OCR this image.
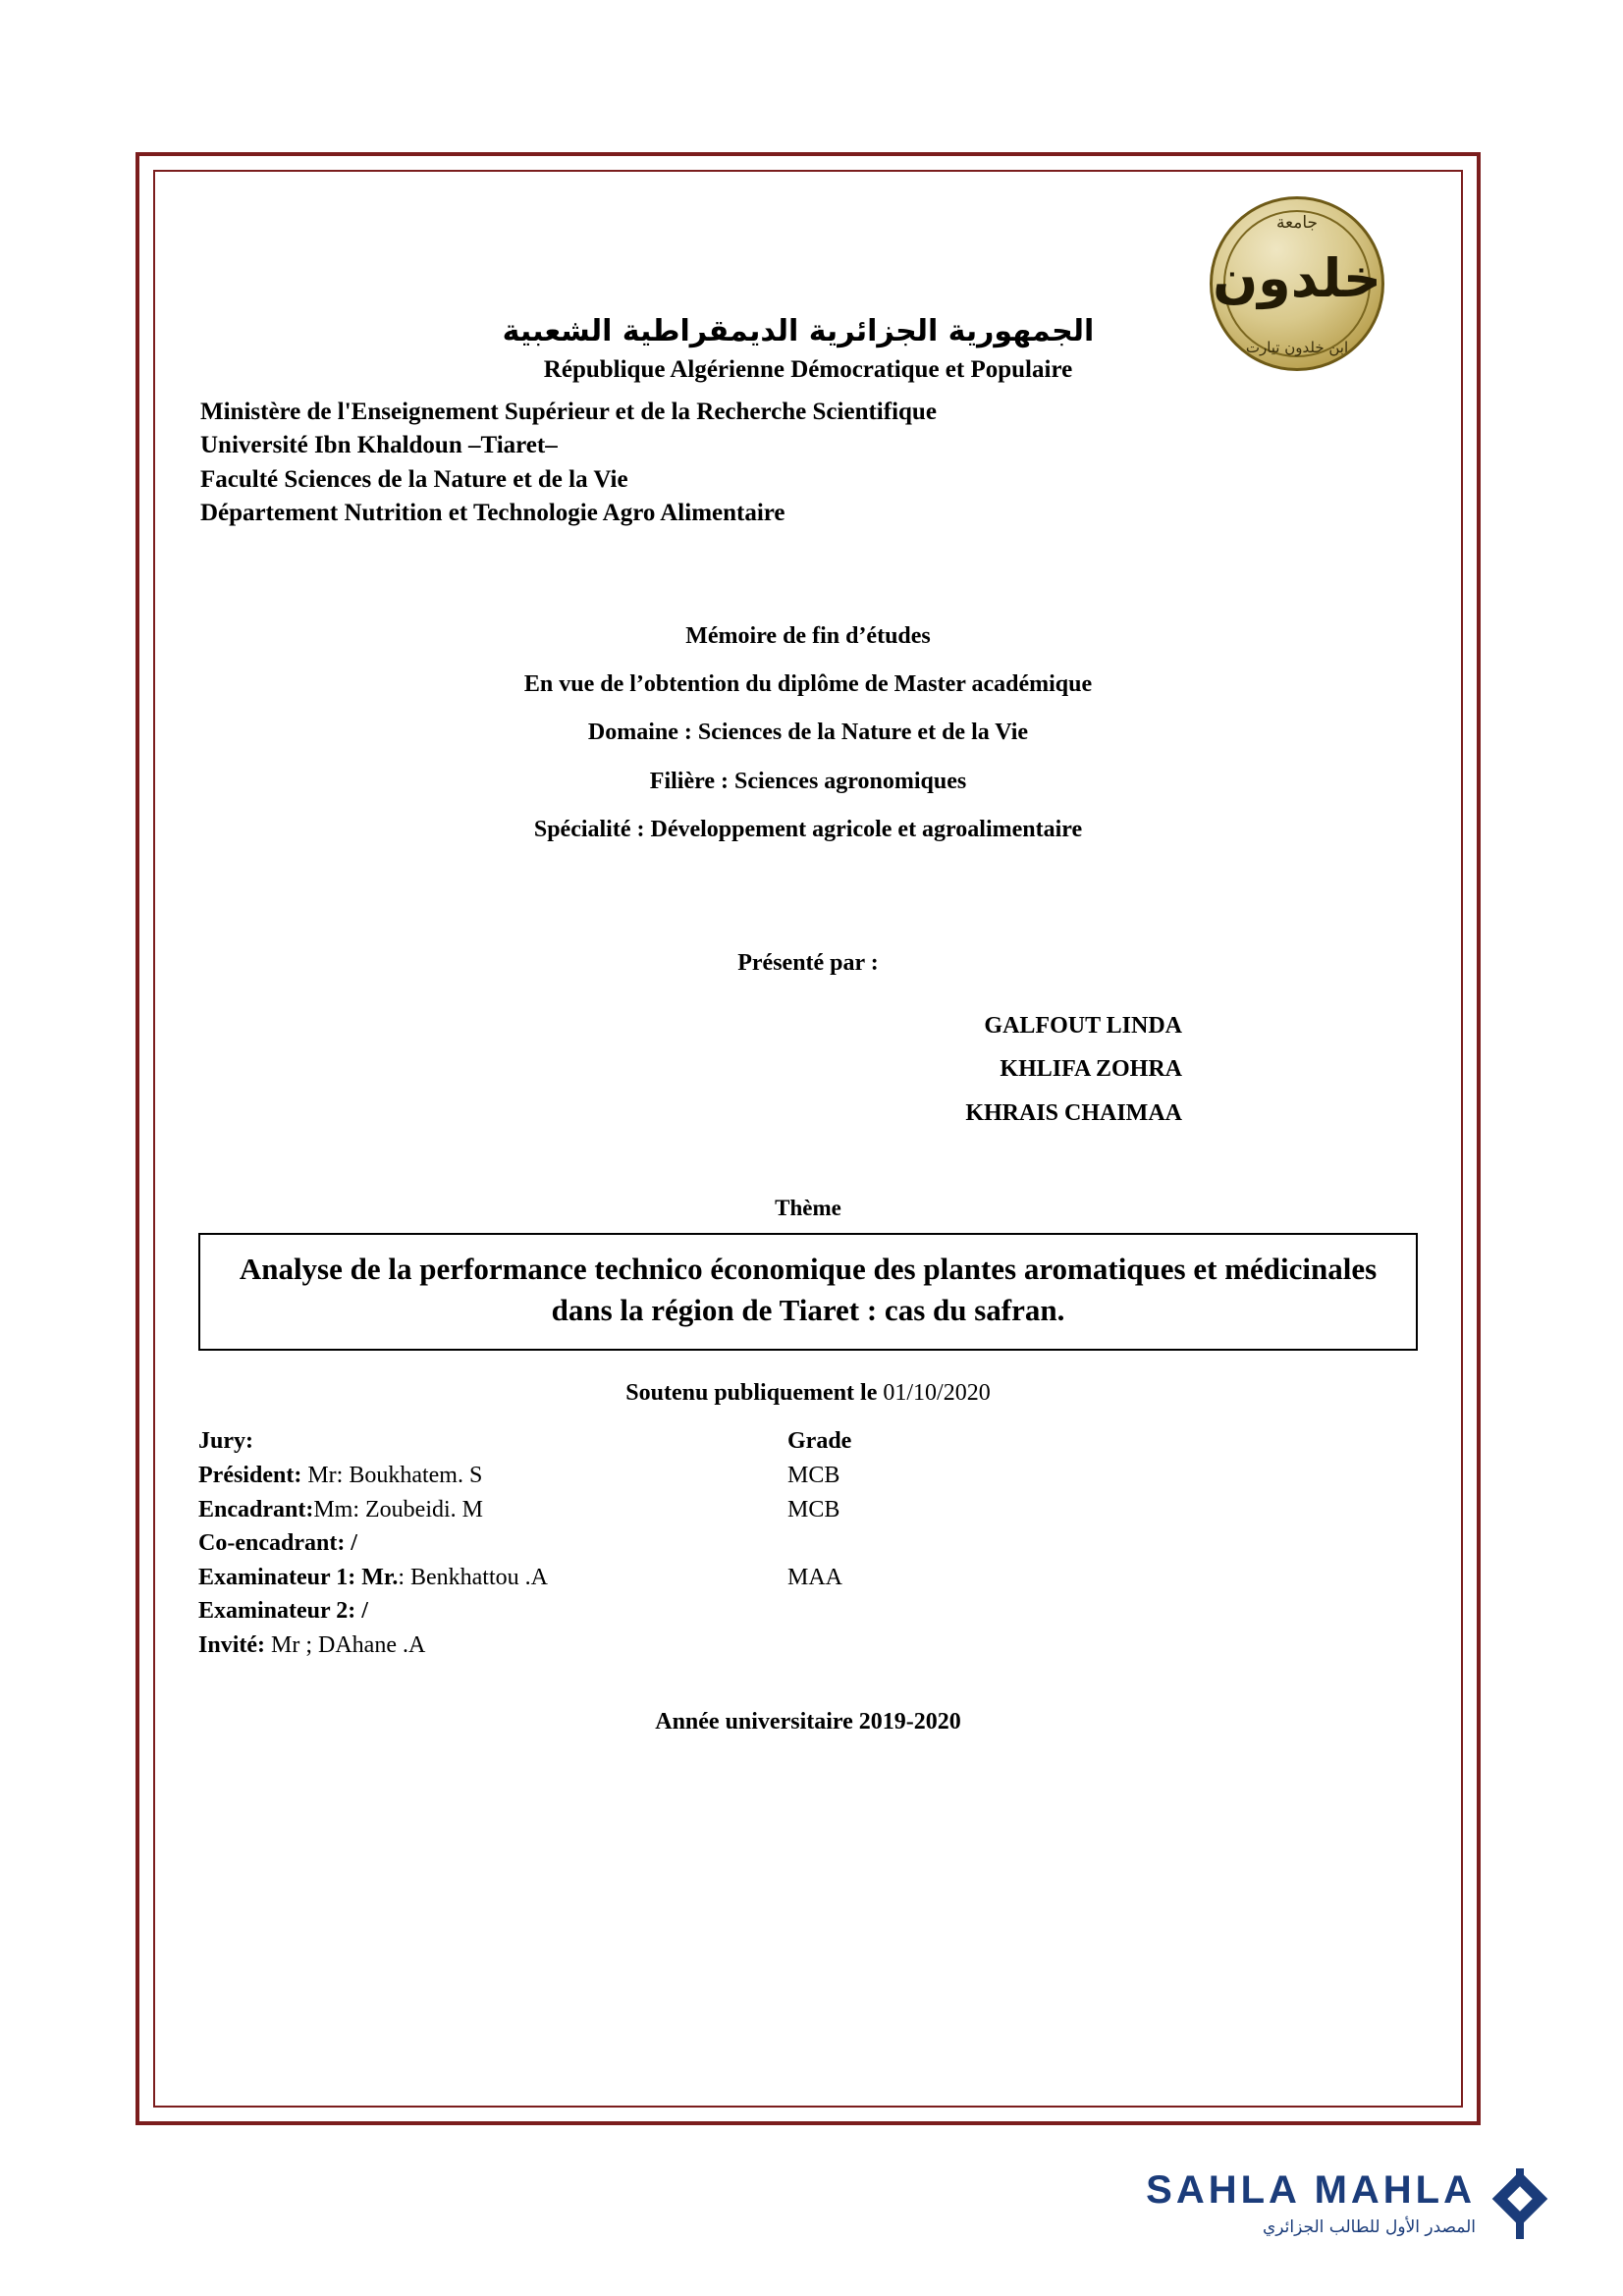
جامعة
خلدون
ابن خلدون تيارت
الجمهورية الجزائرية الديمقراطية الشعبية
République Algérienne Démocratique et Populaire
Ministère de l'Enseignement Supérieur et de la Recherche Scientifique
Université Ibn Khaldoun –Tiaret–
Faculté Sciences de la Nature et de la Vie
Département Nutrition et Technologie Agro Alimentaire
Mémoire de fin d’études
En vue de l’obtention du diplôme de Master académique
Domaine : Sciences de la Nature et de la Vie
Filière : Sciences agronomiques
Spécialité : Développement agricole et agroalimentaire
Présenté par :
GALFOUT LINDA
KHLIFA ZOHRA
KHRAIS CHAIMAA
Thème
Analyse de la performance technico économique des plantes aromatiques et médicinales dans la région de Tiaret : cas du safran.
Soutenu publiquement le 01/10/2020
Jury:	Grade
Président: Mr: Boukhatem. S	MCB
Encadrant:Mm: Zoubeidi. M	MCB
Co-encadrant: /
Examinateur 1: Mr.: Benkhattou .A	MAA
Examinateur 2: /
Invité: Mr ; DAhane .A
Année universitaire 2019-2020
SAHLA MAHLA
المصدر الأول للطالب الجزائري
